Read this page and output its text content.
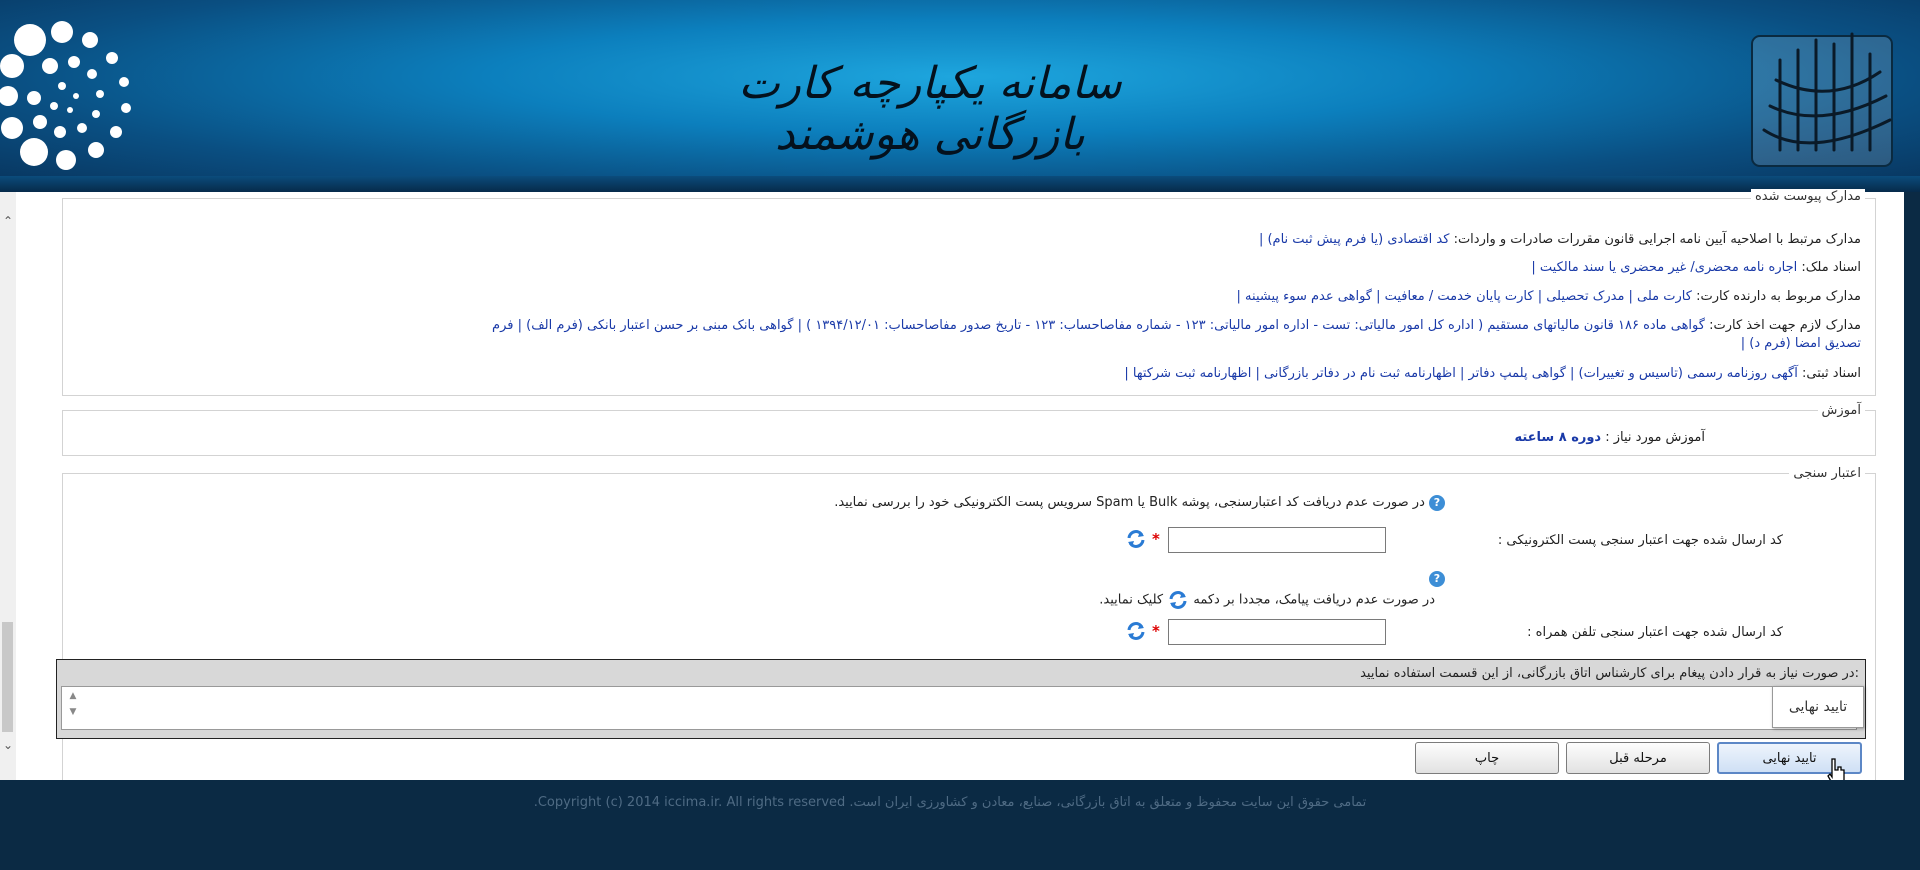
سامانه یکپارچه کارت بازرگانی هوشمند
⌃
⌄
مدارک پیوست شده
مدارک مرتبط با اصلاحیه آیین نامه اجرایی قانون مقررات صادرات و واردات: کد اقتصادی (یا فرم پیش ثبت نام) |
اسناد ملک: اجاره نامه محضری/ غیر محضری یا سند مالکیت |
مدارک مربوط به دارنده کارت: کارت ملی | مدرک تحصیلی | کارت پایان خدمت / معافیت | گواهی عدم سوء پیشینه |
مدارک لازم جهت اخذ کارت: گواهی ماده ۱۸۶ قانون مالیاتهای مستقیم ( اداره کل امور مالیاتی: تست - اداره امور مالیاتی: ۱۲۳ - شماره مفاصاحساب: ۱۲۳ - تاریخ صدور مفاصاحساب: ۱۳۹۴/۱۲/۰۱ ) | گواهی بانک مبنی بر حسن اعتبار بانکی (فرم الف) | فرم
تصدیق امضا (فرم د) |
اسناد ثبتی: آگهی روزنامه رسمی (تاسیس و تغییرات) | گواهی پلمپ دفاتر | اظهارنامه ثبت نام در دفاتر بازرگانی | اظهارنامه ثبت شرکتها |
آموزش
آموزش مورد نیاز : دوره ۸ ساعته
اعتبار سنجی
? در صورت عدم دریافت کد اعتبارسنجی، پوشه Bulk یا Spam سرویس پست الکترونیکی خود را بررسی نمایید.
کد ارسال شده جهت اعتبار سنجی پست الکترونیکی :
*
?
در صورت عدم دریافت پیامک، مجددا بر دکمه  کلیک نمایید.
کد ارسال شده جهت اعتبار سنجی تلفن همراه :
*
در صورت نیاز به قرار دادن پیغام برای کارشناس اتاق بازرگانی، از این قسمت استفاده نمایید:
▲
▼	تایید نهایی
چاپ	مرحله قبل	تایید نهایی
تمامی حقوق این سایت محفوظ و متعلق به اتاق بازرگانی، صنایع، معادن و کشاورزی ایران است. Copyright (c) 2014 iccima.ir. All rights reserved.
